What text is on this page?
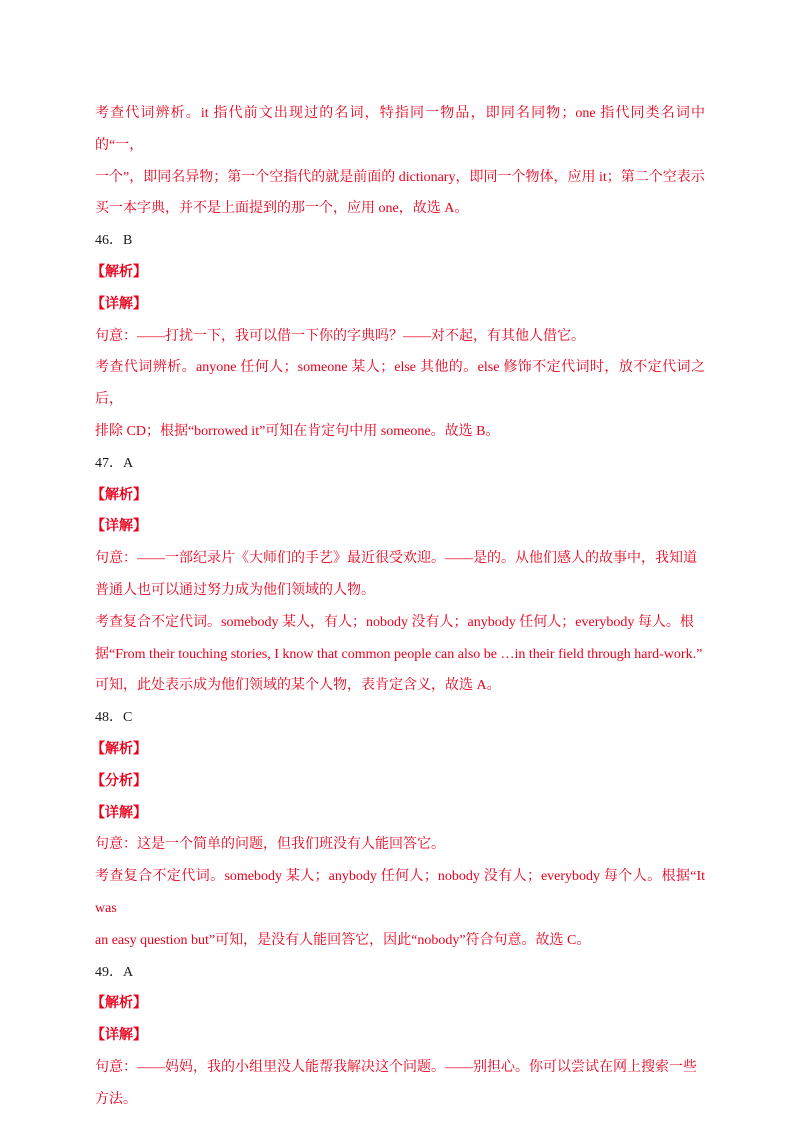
考查代词辨析。it 指代前文出现过的名词，特指同一物品，即同名同物；one 指代同类名词中的“一，
一个”，即同名异物；第一个空指代的就是前面的 dictionary，即同一个物体，应用 it；第二个空表示
买一本字典，并不是上面提到的那一个，应用 one，故选 A。

46．B

【解析】

【详解】

句意：——打扰一下，我可以借一下你的字典吗？——对不起，有其他人借它。

考查代词辨析。anyone 任何人；someone 某人；else 其他的。else 修饰不定代词时，放不定代词之后，
排除 CD；根据“borrowed it”可知在肯定句中用 someone。故选 B。

47．A

【解析】

【详解】

句意：——一部纪录片《大师们的手艺》最近很受欢迎。——是的。从他们感人的故事中，我知道
普通人也可以通过努力成为他们领域的人物。

考查复合不定代词。somebody 某人，有人；nobody 没有人；anybody 任何人；everybody 每人。根
据“From their touching stories, I know that common people can also be …in their field through hard-work.”
可知，此处表示成为他们领域的某个人物，表肯定含义，故选 A。

48．C

【解析】

【分析】

【详解】

句意：这是一个简单的问题，但我们班没有人能回答它。

考查复合不定代词。somebody 某人；anybody 任何人；nobody 没有人；everybody 每个人。根据“It was
an easy question but”可知，是没有人能回答它，因此“nobody”符合句意。故选 C。

49．A

【解析】

【详解】

句意：——妈妈，我的小组里没人能帮我解决这个问题。——别担心。你可以尝试在网上搜索一些
方法。
